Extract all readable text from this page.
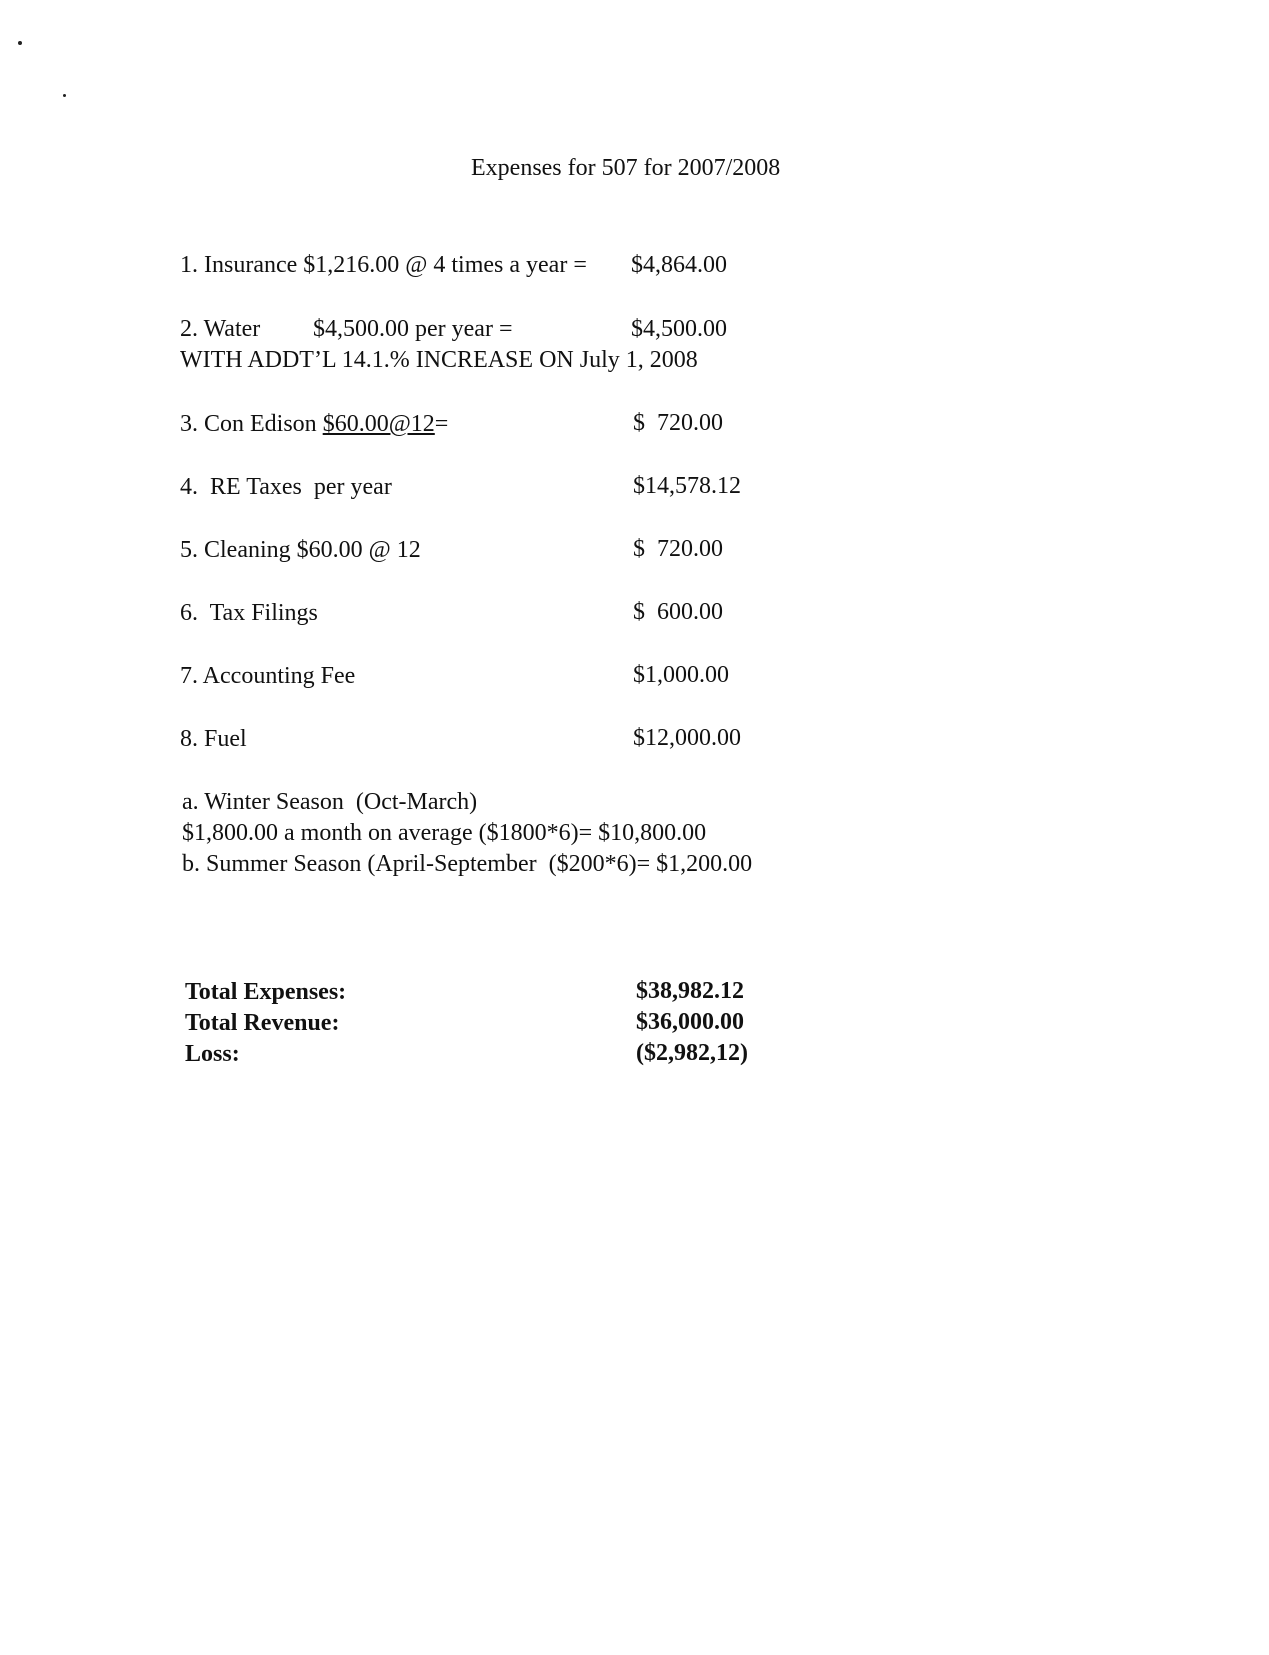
Expenses for 507 for 2007/2008
1. Insurance $1,216.00 @ 4 times a year = $4,864.00
2. Water $4,500.00 per year =	$4,500.00
WITH ADDT’L 14.1.% INCREASE ON July 1, 2008
3. Con Edison $60.00@12=	$  720.00
4.  RE Taxes  per year	$14,578.12
5. Cleaning $60.00 @ 12	$  720.00
6.  Tax Filings	$  600.00
7. Accounting Fee	$1,000.00
8. Fuel	$12,000.00
a. Winter Season  (Oct-March)
$1,800.00 a month on average ($1800*6)= $10,800.00
b. Summer Season (April-September  ($200*6)= $1,200.00
Total Expenses:	$38,982.12
Total Revenue:	$36,000.00
Loss:	($2,982,12)
